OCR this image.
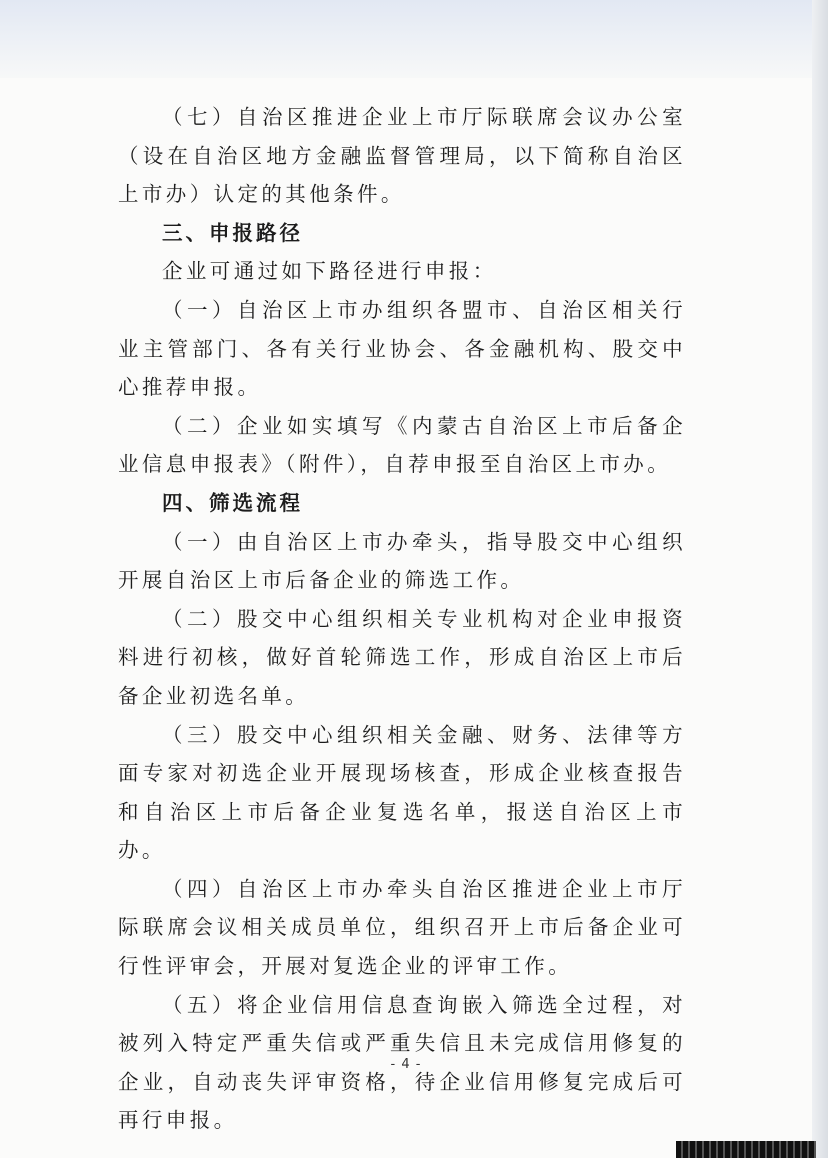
（七）自治区推进企业上市厅际联席会议办公室（设在自治区地方金融监督管理局，以下简称自治区上市办）认定的其他条件。

三、申报路径

企业可通过如下路径进行申报：

（一）自治区上市办组织各盟市、自治区相关行业主管部门、各有关行业协会、各金融机构、股交中心推荐申报。

（二）企业如实填写《内蒙古自治区上市后备企业信息申报表》（附件），自荐申报至自治区上市办。

四、筛选流程

（一）由自治区上市办牵头，指导股交中心组织开展自治区上市后备企业的筛选工作。

（二）股交中心组织相关专业机构对企业申报资料进行初核，做好首轮筛选工作，形成自治区上市后备企业初选名单。

（三）股交中心组织相关金融、财务、法律等方面专家对初选企业开展现场核查，形成企业核查报告和自治区上市后备企业复选名单，报送自治区上市办。

（四）自治区上市办牵头自治区推进企业上市厅际联席会议相关成员单位，组织召开上市后备企业可行性评审会，开展对复选企业的评审工作。

（五）将企业信用信息查询嵌入筛选全过程，对被列入特定严重失信或严重失信且未完成信用修复的企业，自动丧失评审资格，待企业信用修复完成后可再行申报。

- 4 -
